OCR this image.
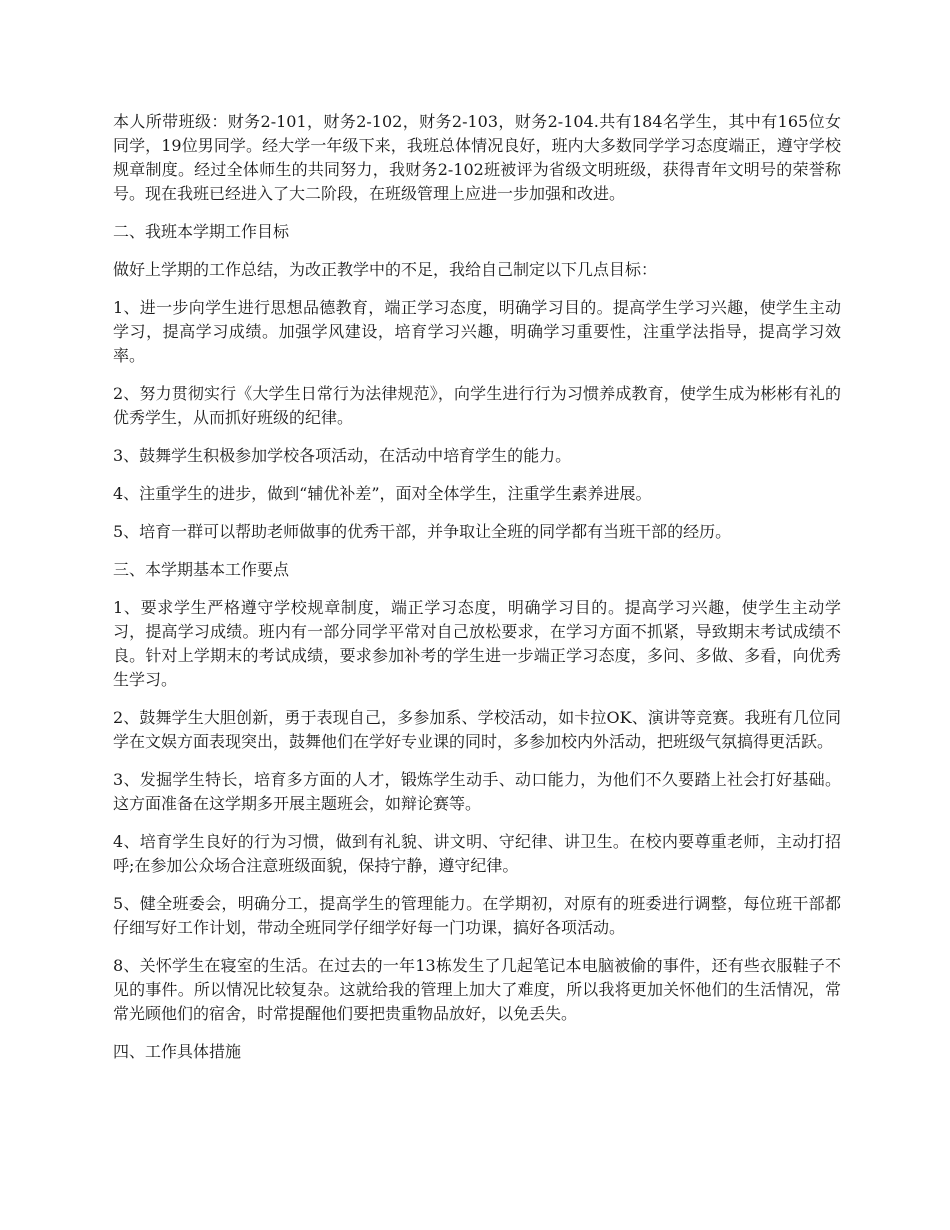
本人所带班级：财务2-101，财务2-102，财务2-103，财务2-104.共有184名学生，其中有165位女同学，19位男同学。经大学一年级下来，我班总体情况良好，班内大多数同学学习态度端正，遵守学校规章制度。经过全体师生的共同努力，我财务2-102班被评为省级文明班级，获得青年文明号的荣誉称号。现在我班已经进入了大二阶段，在班级管理上应进一步加强和改进。

二、我班本学期工作目标

做好上学期的工作总结，为改正教学中的不足，我给自己制定以下几点目标：

1、进一步向学生进行思想品德教育，端正学习态度，明确学习目的。提高学生学习兴趣，使学生主动学习，提高学习成绩。加强学风建设，培育学习兴趣，明确学习重要性，注重学法指导，提高学习效率。

2、努力贯彻实行《大学生日常行为法律规范》，向学生进行行为习惯养成教育，使学生成为彬彬有礼的优秀学生，从而抓好班级的纪律。

3、鼓舞学生积极参加学校各项活动，在活动中培育学生的能力。

4、注重学生的进步，做到“辅优补差”，面对全体学生，注重学生素养进展。

5、培育一群可以帮助老师做事的优秀干部，并争取让全班的同学都有当班干部的经历。

三、本学期基本工作要点

1、要求学生严格遵守学校规章制度，端正学习态度，明确学习目的。提高学习兴趣，使学生主动学习，提高学习成绩。班内有一部分同学平常对自己放松要求，在学习方面不抓紧，导致期末考试成绩不良。针对上学期末的考试成绩，要求参加补考的学生进一步端正学习态度，多问、多做、多看，向优秀生学习。

2、鼓舞学生大胆创新，勇于表现自己，多参加系、学校活动，如卡拉OK、演讲等竞赛。我班有几位同学在文娱方面表现突出，鼓舞他们在学好专业课的同时，多参加校内外活动，把班级气氛搞得更活跃。

3、发掘学生特长，培育多方面的人才，锻炼学生动手、动口能力，为他们不久要踏上社会打好基础。这方面准备在这学期多开展主题班会，如辩论赛等。

4、培育学生良好的行为习惯，做到有礼貌、讲文明、守纪律、讲卫生。在校内要尊重老师，主动打招呼;在参加公众场合注意班级面貌，保持宁静，遵守纪律。

5、健全班委会，明确分工，提高学生的管理能力。在学期初，对原有的班委进行调整，每位班干部都仔细写好工作计划，带动全班同学仔细学好每一门功课，搞好各项活动。

8、关怀学生在寝室的生活。在过去的一年13栋发生了几起笔记本电脑被偷的事件，还有些衣服鞋子不见的事件。所以情况比较复杂。这就给我的管理上加大了难度，所以我将更加关怀他们的生活情况，常常光顾他们的宿舍，时常提醒他们要把贵重物品放好，以免丢失。

四、工作具体措施
